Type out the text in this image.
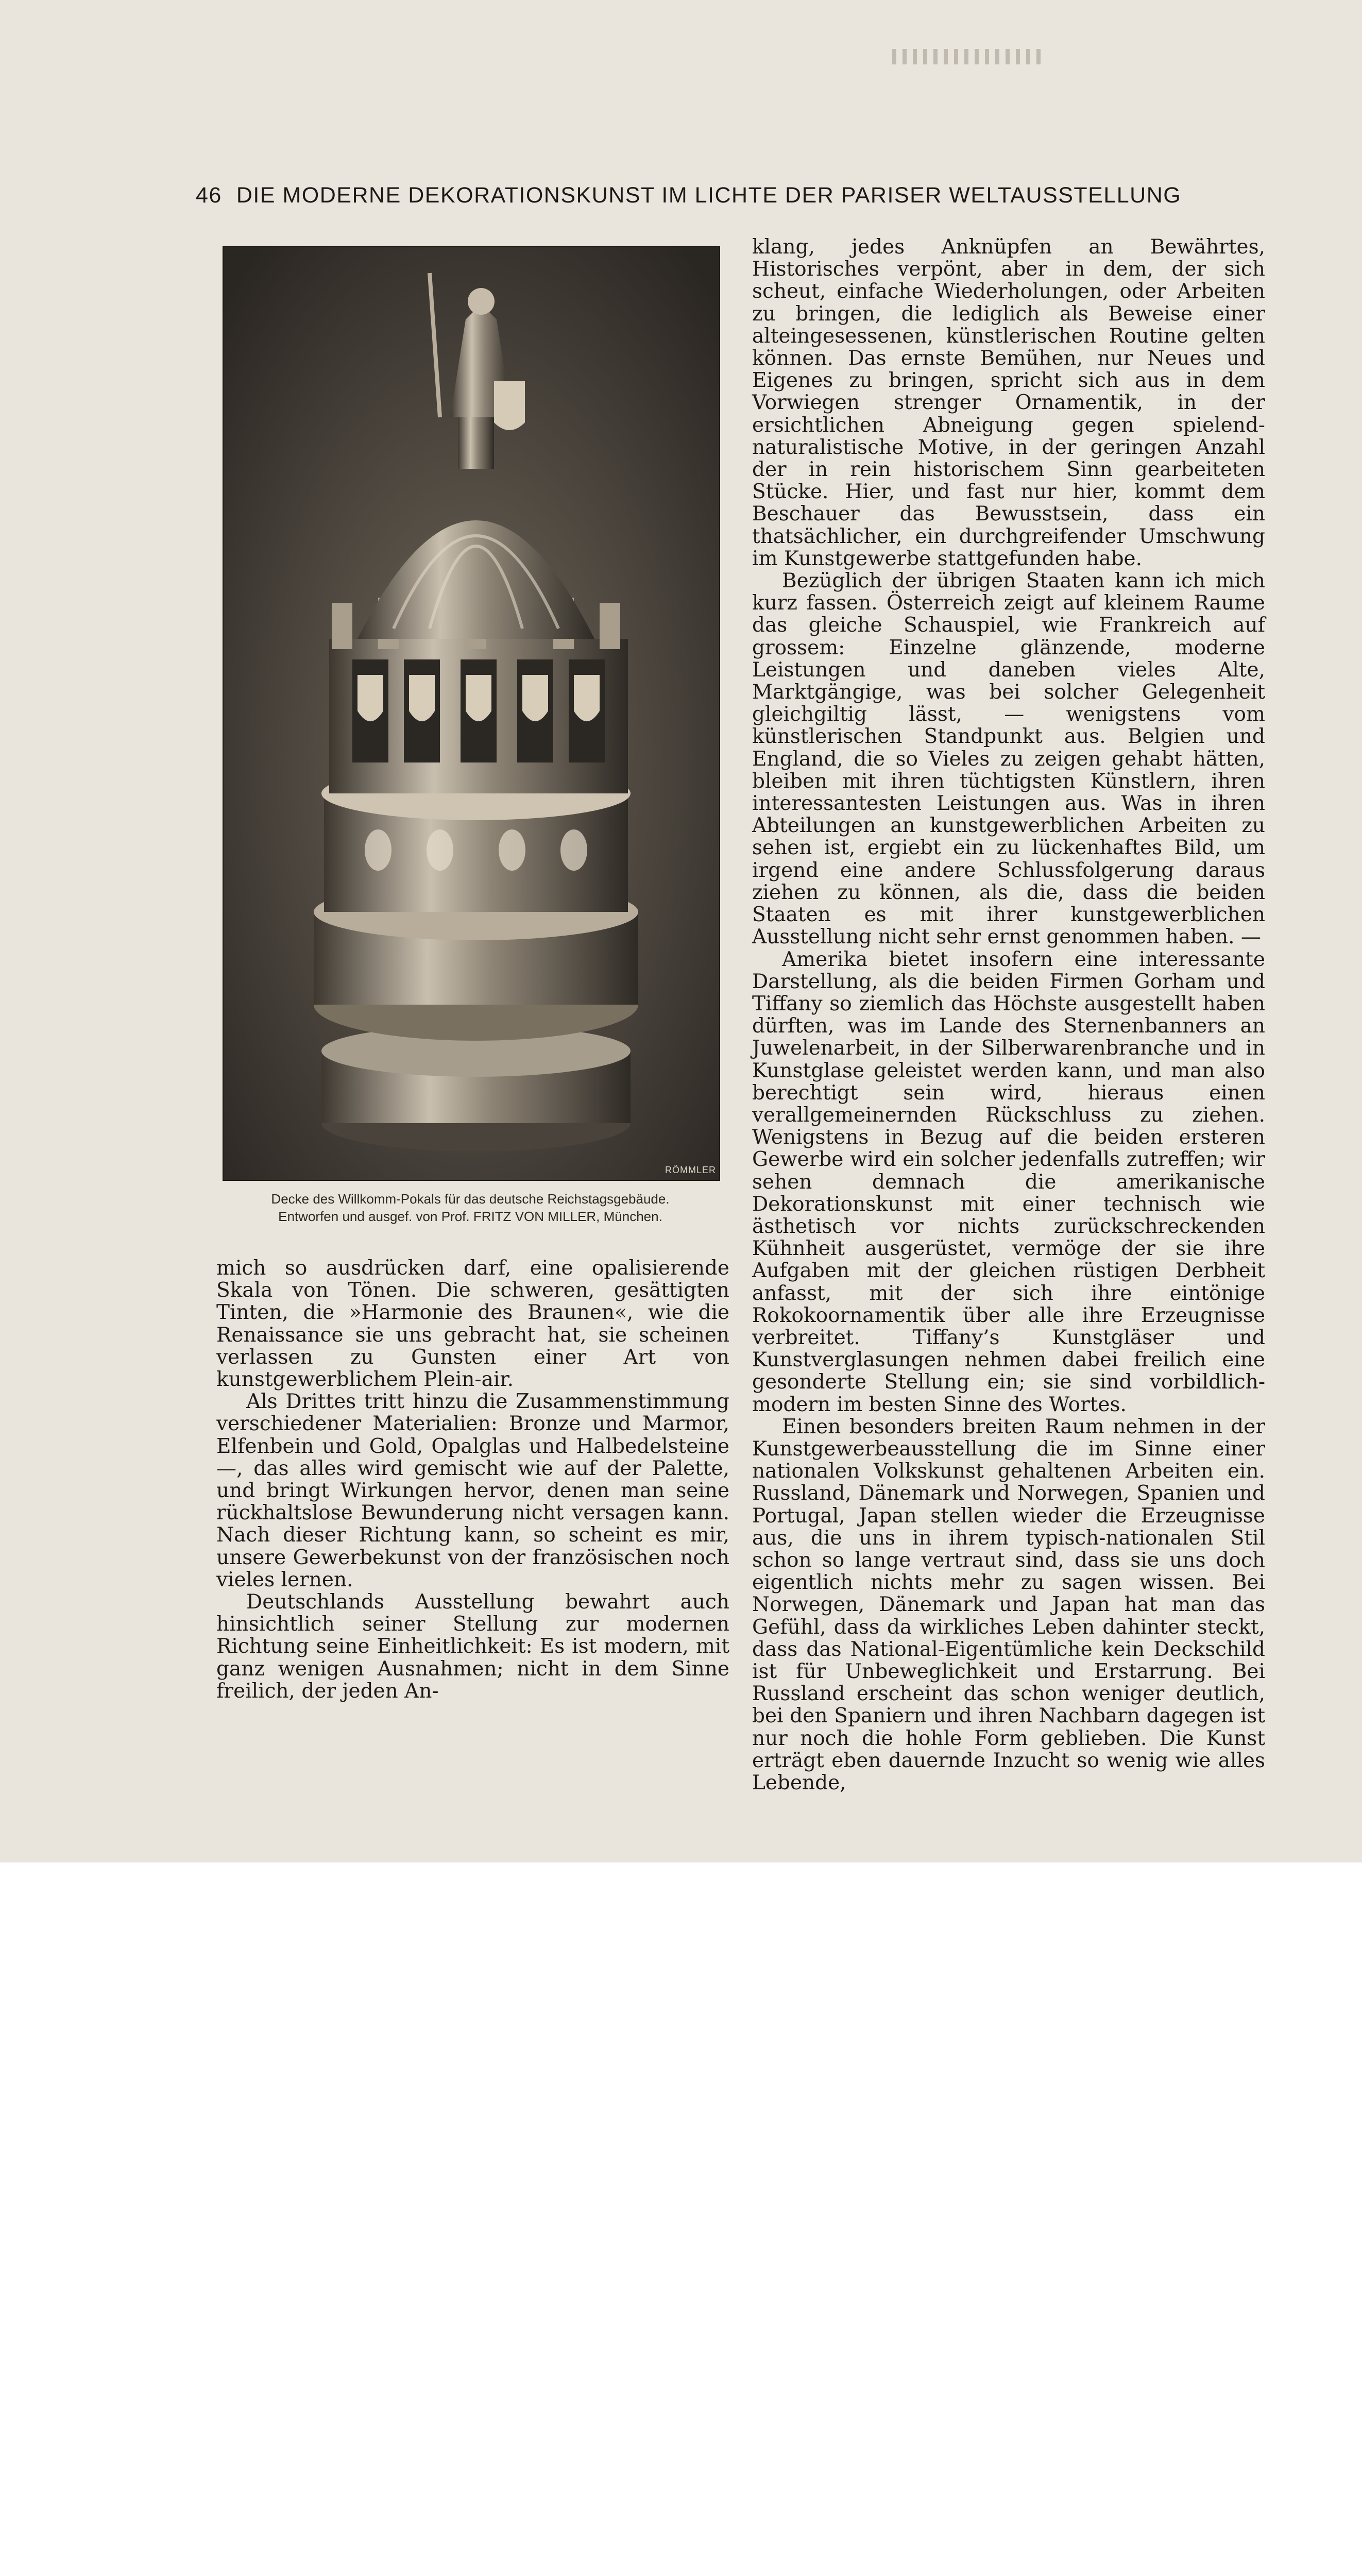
46 DIE MODERNE DEKORATIONSKUNST IM LICHTE DER PARISER WELTAUSSTELLUNG
RÖMMLER
Decke des Willkomm-Pokals für das deutsche Reichstagsgebäude.
Entworfen und ausgef. von Prof. FRITZ VON MILLER, München.

mich so ausdrücken darf, eine opalisierende Skala von Tönen. Die schweren, gesättigten Tinten, die »Harmonie des Braunen«, wie die Renaissance sie uns gebracht hat, sie scheinen verlassen zu Gunsten einer Art von kunstgewerblichem Plein-air.

Als Drittes tritt hinzu die Zusammenstimmung verschiedener Materialien: Bronze und Marmor, Elfenbein und Gold, Opalglas und Halbedelsteine —, das alles wird gemischt wie auf der Palette, und bringt Wirkungen hervor, denen man seine rückhaltslose Bewunderung nicht versagen kann. Nach dieser Richtung kann, so scheint es mir, unsere Gewerbekunst von der französischen noch vieles lernen.

Deutschlands Ausstellung bewahrt auch hinsichtlich seiner Stellung zur modernen Richtung seine Einheitlichkeit: Es ist modern, mit ganz wenigen Ausnahmen; nicht in dem Sinne freilich, der jeden An-

klang, jedes Anknüpfen an Bewährtes, Historisches verpönt, aber in dem, der sich scheut, einfache Wiederholungen, oder Arbeiten zu bringen, die lediglich als Beweise einer alteingesessenen, künstlerischen Routine gelten können. Das ernste Bemühen, nur Neues und Eigenes zu bringen, spricht sich aus in dem Vorwiegen strenger Ornamentik, in der ersichtlichen Abneigung gegen spielend-naturalistische Motive, in der geringen Anzahl der in rein historischem Sinn gearbeiteten Stücke. Hier, und fast nur hier, kommt dem Beschauer das Bewusstsein, dass ein thatsächlicher, ein durchgreifender Umschwung im Kunstgewerbe stattgefunden habe.

Bezüglich der übrigen Staaten kann ich mich kurz fassen. Österreich zeigt auf kleinem Raume das gleiche Schauspiel, wie Frankreich auf grossem: Einzelne glänzende, moderne Leistungen und daneben vieles Alte, Marktgängige, was bei solcher Gelegenheit gleichgiltig lässt, — wenigstens vom künstlerischen Standpunkt aus. Belgien und England, die so Vieles zu zeigen gehabt hätten, bleiben mit ihren tüchtigsten Künstlern, ihren interessantesten Leistungen aus. Was in ihren Abteilungen an kunstgewerblichen Arbeiten zu sehen ist, ergiebt ein zu lückenhaftes Bild, um irgend eine andere Schlussfolgerung daraus ziehen zu können, als die, dass die beiden Staaten es mit ihrer kunstgewerblichen Ausstellung nicht sehr ernst genommen haben. —

Amerika bietet insofern eine interessante Darstellung, als die beiden Firmen Gorham und Tiffany so ziemlich das Höchste ausgestellt haben dürften, was im Lande des Sternenbanners an Juwelenarbeit, in der Silberwarenbranche und in Kunstglase geleistet werden kann, und man also berechtigt sein wird, hieraus einen verallgemeinernden Rückschluss zu ziehen. Wenigstens in Bezug auf die beiden ersteren Gewerbe wird ein solcher jedenfalls zutreffen; wir sehen demnach die amerikanische Dekorationskunst mit einer technisch wie ästhetisch vor nichts zurückschreckenden Kühnheit ausgerüstet, vermöge der sie ihre Aufgaben mit der gleichen rüstigen Derbheit anfasst, mit der sich ihre eintönige Rokokoornamentik über alle ihre Erzeugnisse verbreitet. Tiffany’s Kunstgläser und Kunstverglasungen nehmen dabei freilich eine gesonderte Stellung ein; sie sind vorbildlich-modern im besten Sinne des Wortes.

Einen besonders breiten Raum nehmen in der Kunstgewerbeausstellung die im Sinne einer nationalen Volkskunst gehaltenen Arbeiten ein. Russland, Dänemark und Norwegen, Spanien und Portugal, Japan stellen wieder die Erzeugnisse aus, die uns in ihrem typisch-nationalen Stil schon so lange vertraut sind, dass sie uns doch eigentlich nichts mehr zu sagen wissen. Bei Norwegen, Dänemark und Japan hat man das Gefühl, dass da wirkliches Leben dahinter steckt, dass das National-Eigentümliche kein Deckschild ist für Unbeweglichkeit und Erstarrung. Bei Russland erscheint das schon weniger deutlich, bei den Spaniern und ihren Nachbarn dagegen ist nur noch die hohle Form geblieben. Die Kunst erträgt eben dauernde Inzucht so wenig wie alles Lebende,
